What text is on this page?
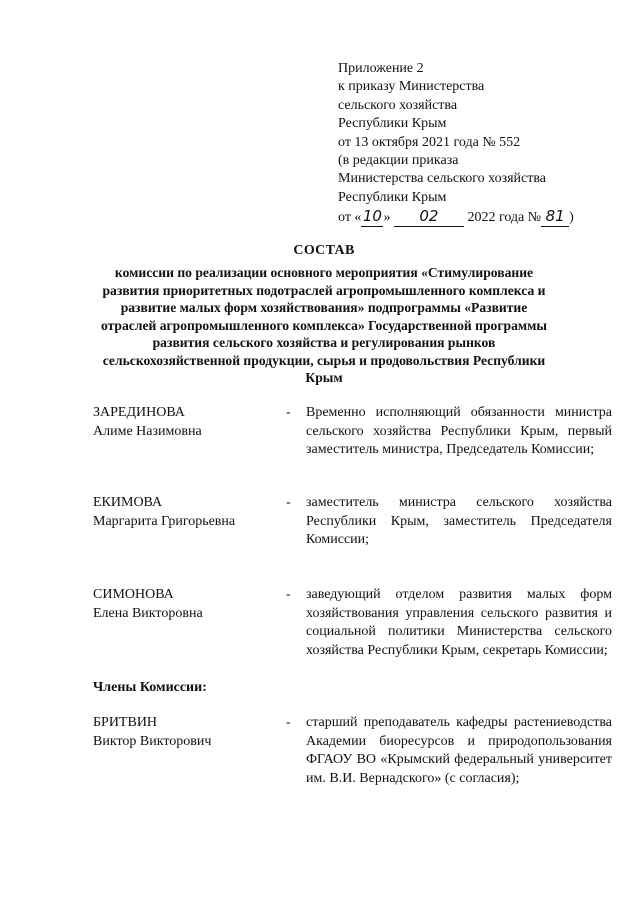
Приложение 2
к приказу Министерства
сельского хозяйства
Республики Крым
от 13 октября 2021 года № 552
(в редакции приказа
Министерства сельского хозяйства
Республики Крым
от «10» 02 2022 года № 81 )
СОСТАВ
комиссии по реализации основного мероприятия «Стимулирование
развития приоритетных подотраслей агропромышленного комплекса и
развитие малых форм хозяйствования» подпрограммы «Развитие
отраслей агропромышленного комплекса» Государственной программы
развития сельского хозяйства и регулирования рынков
сельскохозяйственной продукции, сырья и продовольствия Республики
Крым
ЗАРЕДИНОВА
Алиме Назимовна
- Временно исполняющий обязанности министра сельского хозяйства Республики Крым, первый заместитель министра, Председатель Комиссии;
ЕКИМОВА
Маргарита Григорьевна
- заместитель министра сельского хозяйства Республики Крым, заместитель Председателя Комиссии;
СИМОНОВА
Елена Викторовна
- заведующий отделом развития малых форм хозяйствования управления сельского развития и социальной политики Министерства сельского хозяйства Республики Крым, секретарь Комиссии;
Члены Комиссии:
БРИТВИН
Виктор Викторович
- старший преподаватель кафедры растениеводства Академии биоресурсов и природопользования ФГАОУ ВО «Крымский федеральный университет им. В.И. Вернадского» (с согласия);
